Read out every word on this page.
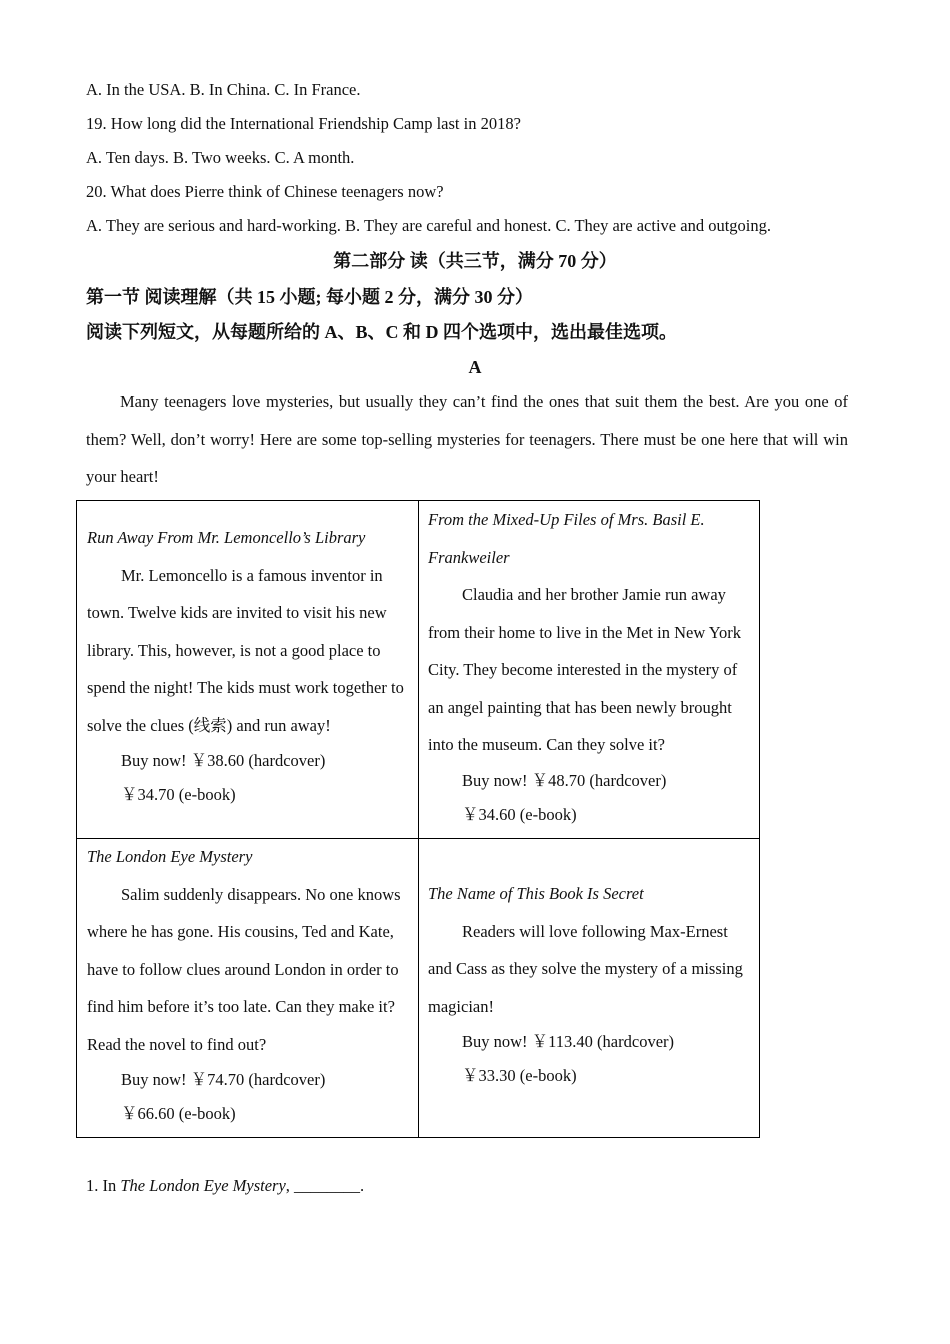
A. In the USA. B. In China. C. In France.
19. How long did the International Friendship Camp last in 2018?
A. Ten days. B. Two weeks. C. A month.
20. What does Pierre think of Chinese teenagers now?
A. They are serious and hard-working. B. They are careful and honest. C. They are active and outgoing.
第二部分 读（共三节，满分 70 分）
第一节 阅读理解（共 15 小题; 每小题 2 分，满分 30 分）
阅读下列短文，从每题所给的 A、B、C 和 D 四个选项中，选出最佳选项。
A
Many teenagers love mysteries, but usually they can’t find the ones that suit them the best. Are you one of them? Well, don’t worry! Here are some top-selling mysteries for teenagers. There must be one here that will win your heart!
Run Away From Mr. Lemoncello’s Library
Mr. Lemoncello is a famous inventor in town. Twelve kids are invited to visit his new library. This, however, is not a good place to spend the night! The kids must work together to solve the clues (线索) and run away!
Buy now! ￥38.60 (hardcover)
￥34.70 (e-book)
From the Mixed-Up Files of Mrs. Basil E. Frankweiler
Claudia and her brother Jamie run away from their home to live in the Met in New York City. They become interested in the mystery of an angel painting that has been newly brought into the museum. Can they solve it?
Buy now! ￥48.70 (hardcover)
￥34.60 (e-book)
The London Eye Mystery
Salim suddenly disappears. No one knows where he has gone. His cousins, Ted and Kate, have to follow clues around London in order to find him before it’s too late. Can they make it? Read the novel to find out?
Buy now! ￥74.70 (hardcover)
￥66.60 (e-book)
The Name of This Book Is Secret
Readers will love following Max-Ernest and Cass as they solve the mystery of a missing magician!
Buy now! ￥113.40 (hardcover)
￥33.30 (e-book)
1. In The London Eye Mystery, ________.
